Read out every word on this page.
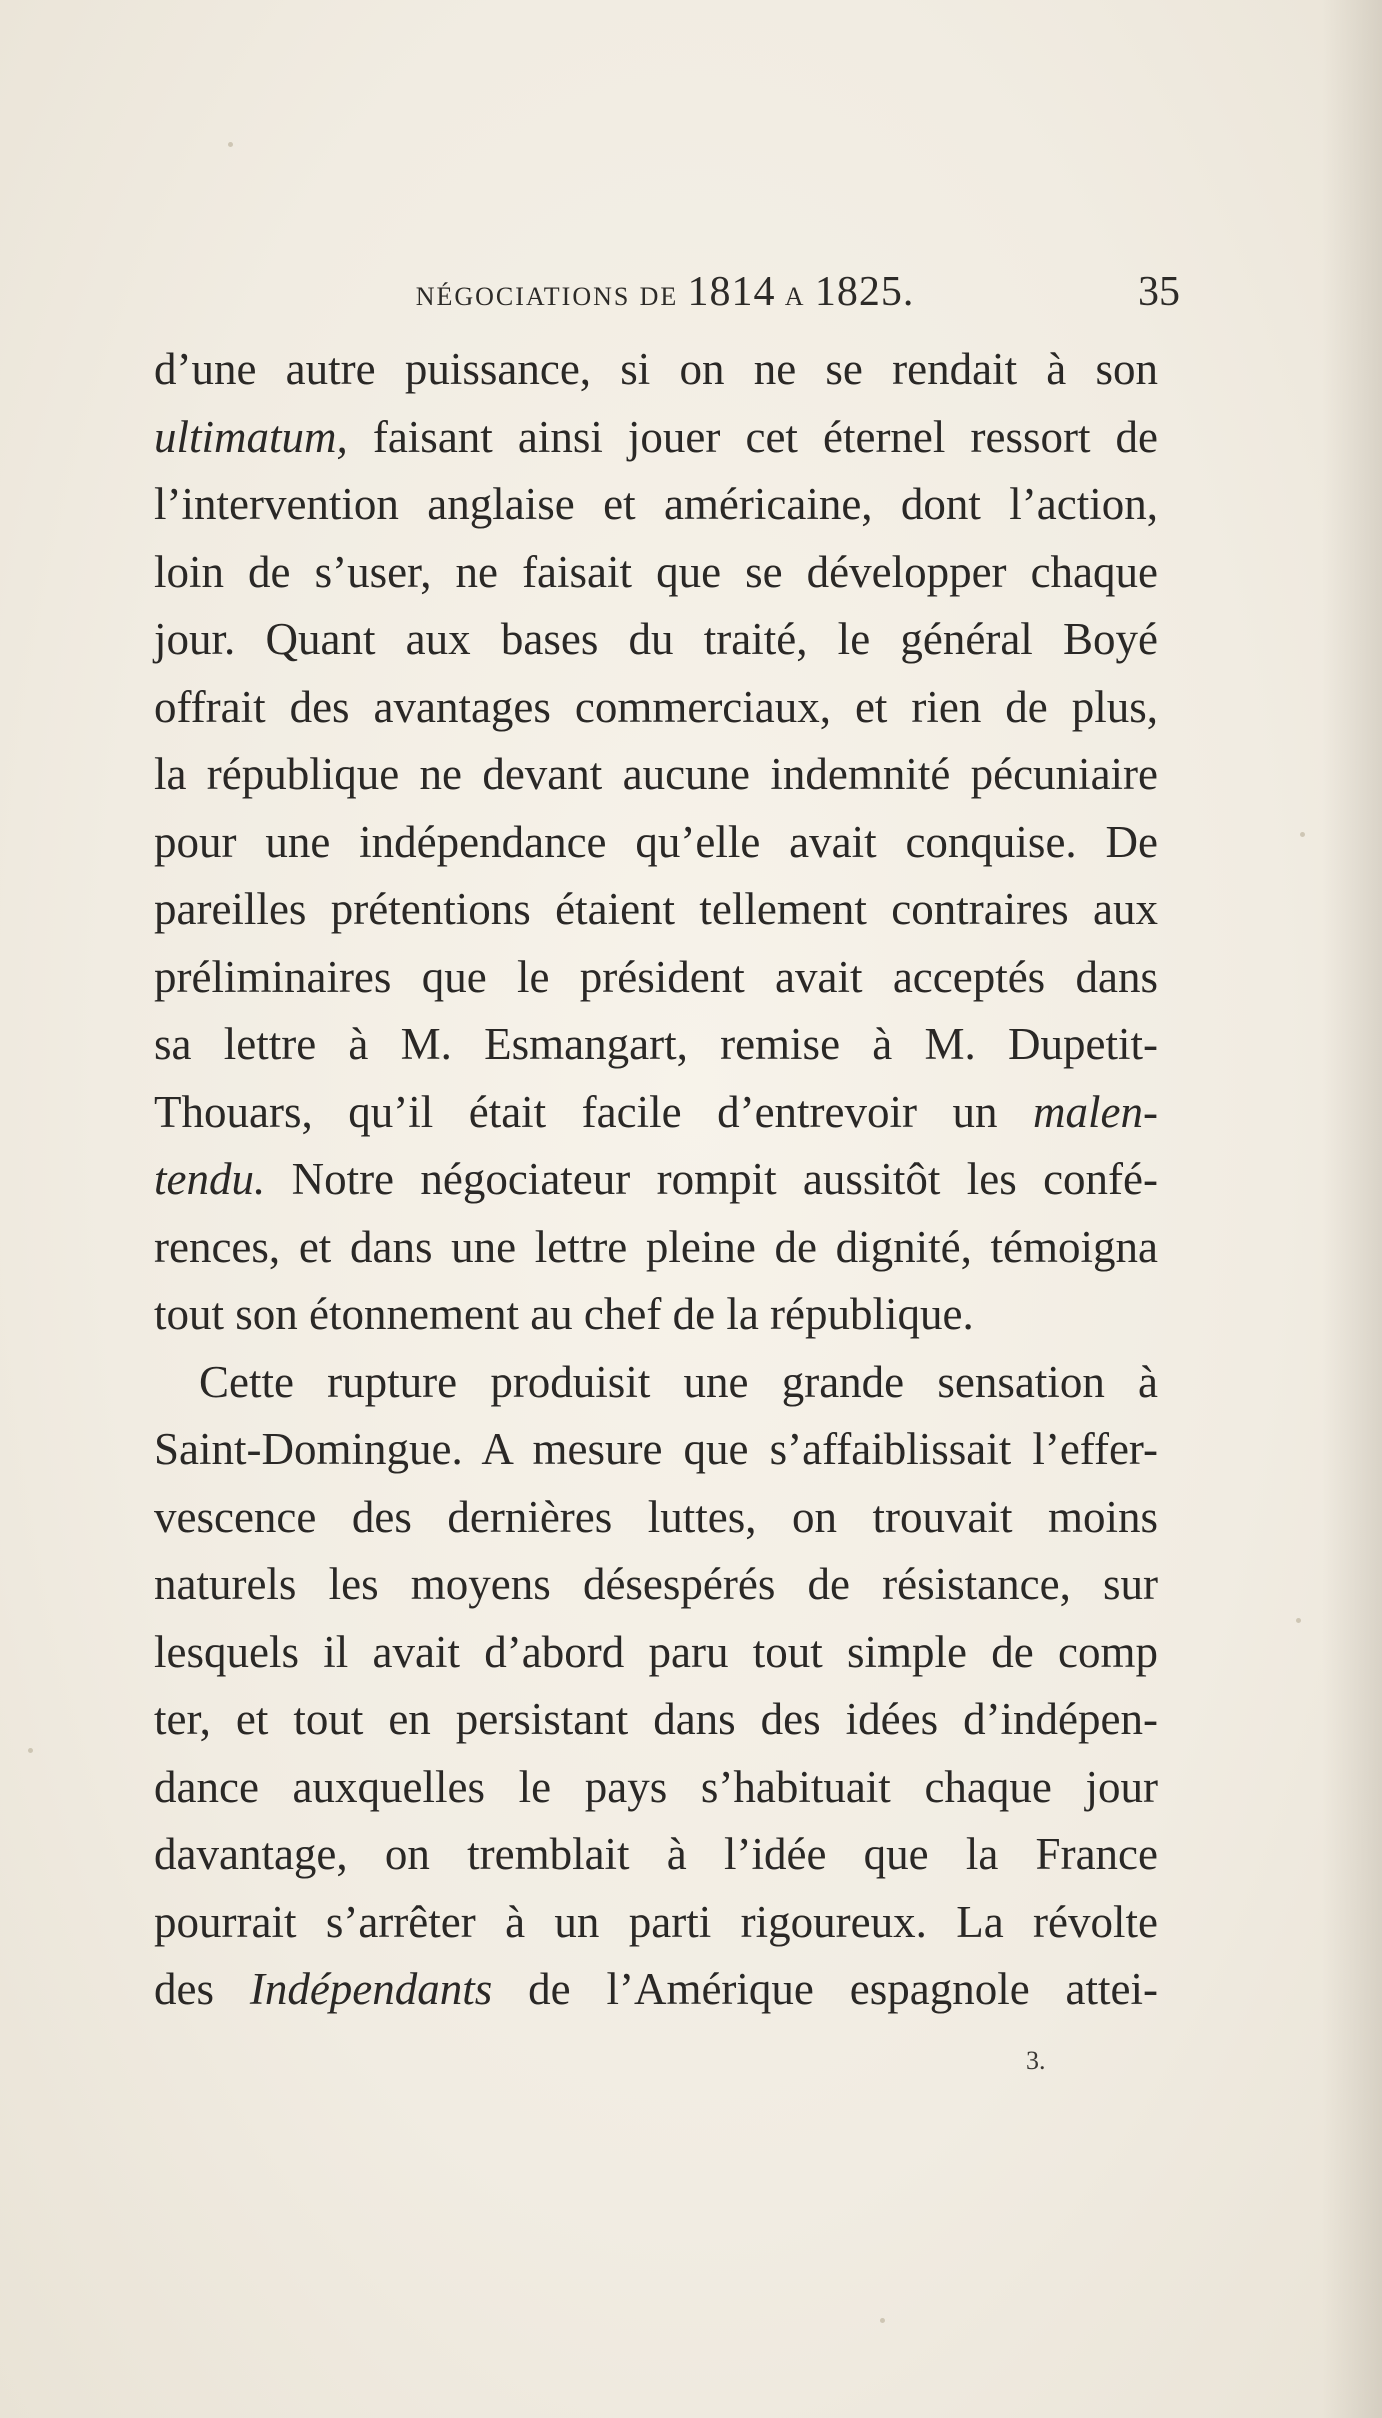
NÉGOCIATIONS DE 1814 A 1825.	35
d’une autre puissance, si on ne se rendait à son
ultimatum, faisant ainsi jouer cet éternel ressort de
l’intervention anglaise et américaine, dont l’action,
loin de s’user, ne faisait que se développer chaque
jour. Quant aux bases du traité, le général Boyé
offrait des avantages commerciaux, et rien de plus,
la république ne devant aucune indemnité pécuniaire
pour une indépendance qu’elle avait conquise. De
pareilles prétentions étaient tellement contraires aux
préliminaires que le président avait acceptés dans
sa lettre à M. Esmangart, remise à M. Dupetit-
Thouars, qu’il était facile d’entrevoir un malen-
tendu. Notre négociateur rompit aussitôt les confé-
rences, et dans une lettre pleine de dignité, témoigna
tout son étonnement au chef de la république.
Cette rupture produisit une grande sensation à
Saint-Domingue. A mesure que s’affaiblissait l’effer-
vescence des dernières luttes, on trouvait moins
naturels les moyens désespérés de résistance, sur
lesquels il avait d’abord paru tout simple de comp
ter, et tout en persistant dans des idées d’indépen-
dance auxquelles le pays s’habituait chaque jour
davantage, on tremblait à l’idée que la France
pourrait s’arrêter à un parti rigoureux. La révolte
des Indépendants de l’Amérique espagnole attei-
3.
